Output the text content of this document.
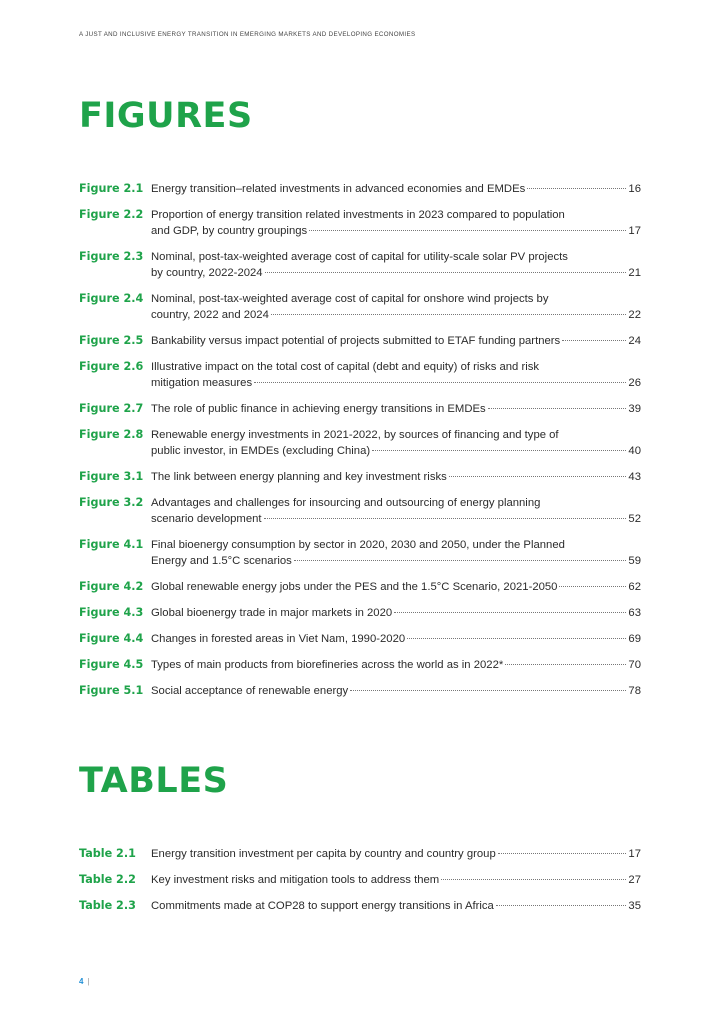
A JUST AND INCLUSIVE ENERGY TRANSITION IN EMERGING MARKETS AND DEVELOPING ECONOMIES
FIGURES
Figure 2.1 Energy transition–related investments in advanced economies and EMDEs	16
Figure 2.2 Proportion of energy transition related investments in 2023 compared to population
and GDP, by country groupings	17
Figure 2.3 Nominal, post-tax-weighted average cost of capital for utility-scale solar PV projects
by country, 2022-2024	21
Figure 2.4 Nominal, post-tax-weighted average cost of capital for onshore wind projects by
country, 2022 and 2024	22
Figure 2.5 Bankability versus impact potential of projects submitted to ETAF funding partners	24
Figure 2.6 Illustrative impact on the total cost of capital (debt and equity) of risks and risk
mitigation measures	26
Figure 2.7 The role of public finance in achieving energy transitions in EMDEs	39
Figure 2.8 Renewable energy investments in 2021-2022, by sources of financing and type of
public investor, in EMDEs (excluding China)	40
Figure 3.1 The link between energy planning and key investment risks	43
Figure 3.2 Advantages and challenges for insourcing and outsourcing of energy planning
scenario development	52
Figure 4.1 Final bioenergy consumption by sector in 2020, 2030 and 2050, under the Planned
Energy and 1.5°C scenarios	59
Figure 4.2 Global renewable energy jobs under the PES and the 1.5°C Scenario, 2021-2050	62
Figure 4.3 Global bioenergy trade in major markets in 2020	63
Figure 4.4 Changes in forested areas in Viet Nam, 1990-2020	69
Figure 4.5 Types of main products from biorefineries across the world as in 2022*	70
Figure 5.1 Social acceptance of renewable energy	78
TABLES
Table 2.1	Energy transition investment per capita by country and country group	17
Table 2.2	Key investment risks and mitigation tools to address them	27
Table 2.3	Commitments made at COP28 to support energy transitions in Africa	35
4 |
